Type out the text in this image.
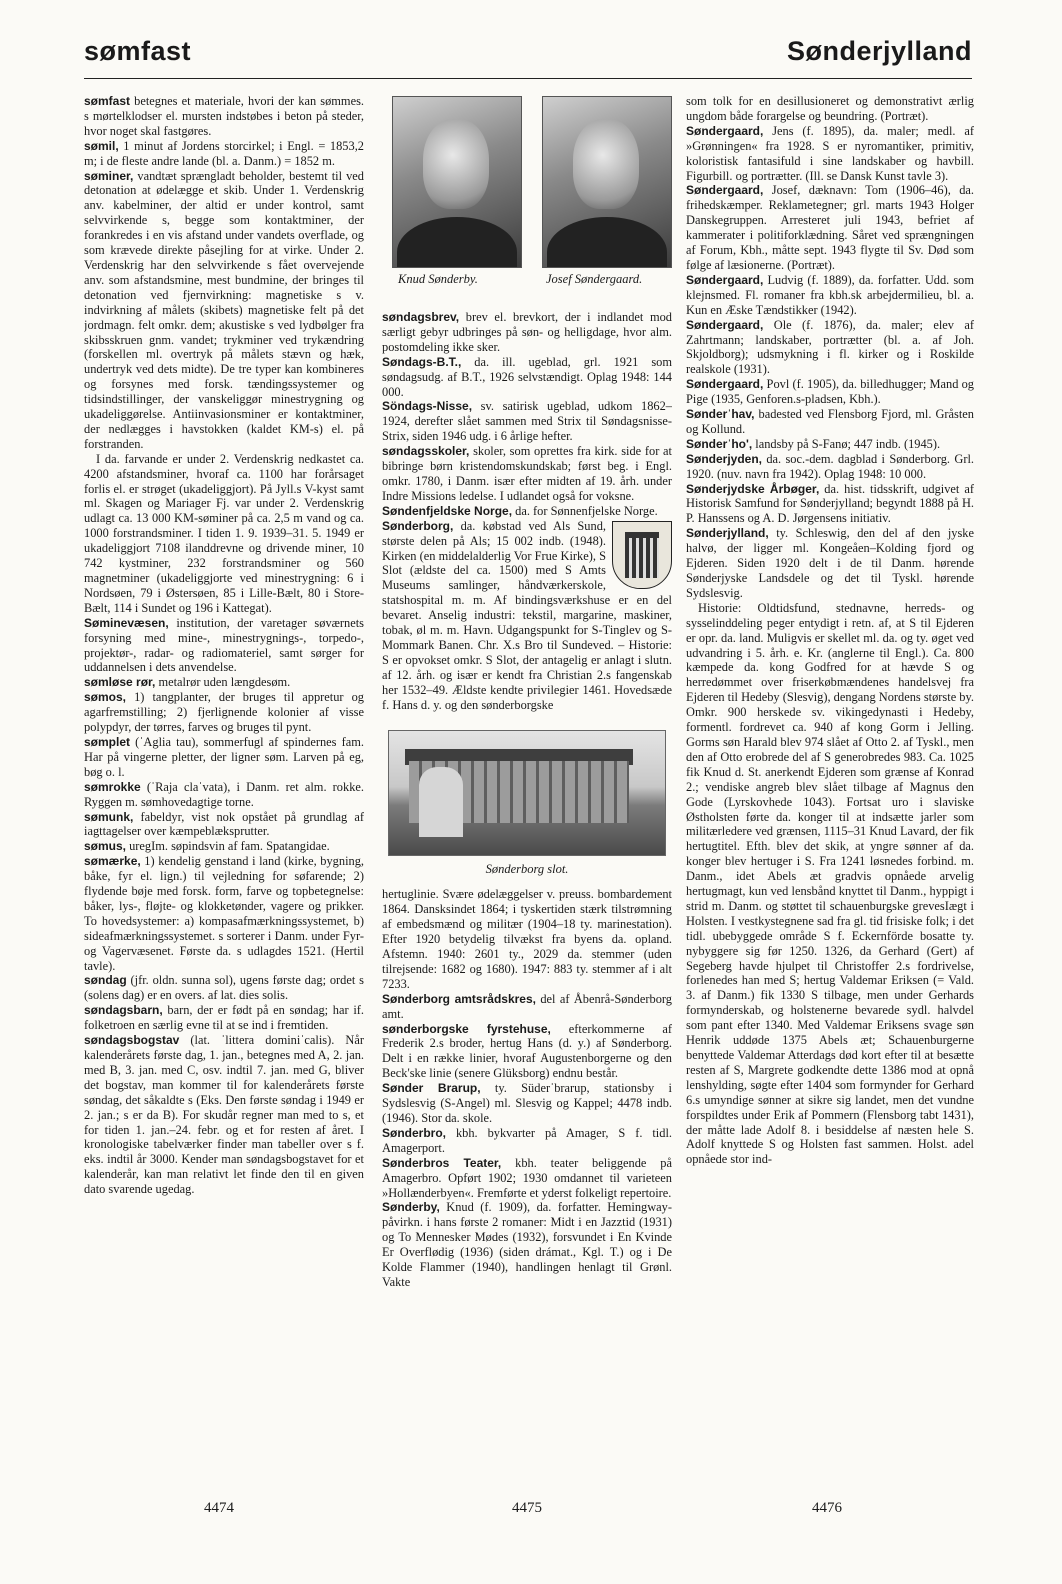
sømfast	Sønderjylland

sømfast betegnes et materiale, hvori der kan sømmes. s mørtelklodser el. mursten indstøbes i beton på steder, hvor noget skal fastgøres.

sømil, 1 minut af Jordens storcirkel; i Engl. = 1853,2 m; i de fleste andre lande (bl. a. Danm.) = 1852 m.

søminer, vandtæt sprængladt beholder, bestemt til ved detonation at ødelægge et skib. Under 1. Verdenskrig anv. kabelminer, der altid er under kontrol, samt selvvirkende s, begge som kontaktminer, der forankredes i en vis afstand under vandets overflade, og som krævede direkte påsejling for at virke. Under 2. Verdenskrig har den selvvirkende s fået overvejende anv. som afstandsmine, mest bundmine, der bringes til detonation ved fjernvirkning: magnetiske s v. indvirkning af målets (skibets) magnetiske felt på det jordmagn. felt omkr. dem; akustiske s ved lydbølger fra skibsskruen gnm. vandet; trykminer ved trykændring (forskellen ml. overtryk på målets stævn og hæk, undertryk ved dets midte). De tre typer kan kombineres og forsynes med forsk. tændingssystemer og tidsindstillinger, der vanskeliggør minestrygning og ukadeliggørelse. Antiinvasionsminer er kontaktminer, der nedlægges i havstokken (kaldet KM-s) el. på forstranden.

I da. farvande er under 2. Verdenskrig nedkastet ca. 4200 afstandsminer, hvoraf ca. 1100 har forårsaget forlis el. er strøget (ukadeliggjort). På Jyll.s V-kyst samt ml. Skagen og Mariager Fj. var under 2. Verdenskrig udlagt ca. 13 000 KM-søminer på ca. 2,5 m vand og ca. 1000 forstrandsminer. I tiden 1. 9. 1939–31. 5. 1949 er ukadeliggjort 7108 ilanddrevne og drivende miner, 10 742 kystminer, 232 forstrandsminer og 560 magnetminer (ukadeliggjorte ved minestrygning: 6 i Nordsøen, 79 i Østersøen, 85 i Lille-Bælt, 80 i Store-Bælt, 114 i Sundet og 196 i Kattegat).

Søminevæsen, institution, der varetager søværnets forsyning med mine-, minestrygnings-, torpedo-, projektør-, radar- og radiomateriel, samt sørger for uddannelsen i dets anvendelse.

sømløse rør, metalrør uden længdesøm.

sømos, 1) tangplanter, der bruges til appretur og agarfremstilling; 2) fjerlignende kolonier af visse polypdyr, der tørres, farves og bruges til pynt.

sømplet (ˈAglia tau), sommerfugl af spindernes fam. Har på vingerne pletter, der ligner søm. Larven på eg, bøg o. l.

sømrokke (ˈRaja claˈvata), i Danm. ret alm. rokke. Ryggen m. sømhovedagtige torne.

sømunk, fabeldyr, vist nok opstået på grundlag af iagttagelser over kæmpeblæksprutter.

sømus, uregIm. søpindsvin af fam. Spatangidae.

sømærke, 1) kendelig genstand i land (kirke, bygning, båke, fyr el. lign.) til vejledning for søfarende; 2) flydende bøje med forsk. form, farve og topbetegnelse: båker, lys-, fløjte- og klokketønder, vagere og prikker. To hovedsystemer: a) kompasafmærkningssystemet, b) sideafmærkningssystemet. s sorterer i Danm. under Fyr- og Vagervæsenet. Første da. s udlagdes 1521. (Hertil tavle).

søndag (jfr. oldn. sunna sol), ugens første dag; ordet s (solens dag) er en overs. af lat. dies solis.

søndagsbarn, barn, der er født på en søndag; har if. folketroen en særlig evne til at se ind i fremtiden.

søndagsbogstav (lat. ˈlittera dominiˈcalis). Når kalenderårets første dag, 1. jan., betegnes med A, 2. jan. med B, 3. jan. med C, osv. indtil 7. jan. med G, bliver det bogstav, man kommer til for kalenderårets første søndag, det såkaldte s (Eks. Den første søndag i 1949 er 2. jan.; s er da B). For skudår regner man med to s, et for tiden 1. jan.–24. febr. og et for resten af året. I kronologiske tabelværker finder man tabeller over s f. eks. indtil år 3000. Kender man søndagsbogstavet for et kalenderår, kan man relativt let finde den til en given dato svarende ugedag.

Knud Sønderby.	Josef Søndergaard.

søndagsbrev, brev el. brevkort, der i indlandet mod særligt gebyr udbringes på søn- og helligdage, hvor alm. postomdeling ikke sker.

Søndags-B.T., da. ill. ugeblad, grl. 1921 som søndagsudg. af B.T., 1926 selvstændigt. Oplag 1948: 144 000.

Söndags-Nisse, sv. satirisk ugeblad, udkom 1862–1924, derefter slået sammen med Strix til Søndagsnisse-Strix, siden 1946 udg. i 6 årlige hefter.

søndagsskoler, skoler, som oprettes fra kirk. side for at bibringe børn kristendomskundskab; først beg. i Engl. omkr. 1780, i Danm. især efter midten af 19. årh. under Indre Missions ledelse. I udlandet også for voksne.

Søndenfjeldske Norge, da. for Sønnenfjelske Norge.

Sønderborg, da. købstad ved Als Sund, største delen på Als; 15 002 indb. (1948). Kirken (en middelalderlig Vor Frue Kirke), S Slot (ældste del ca. 1500) med S Amts Museums samlinger, håndværkerskole, statshospital m. m. Af bindingsværkshuse er en del bevaret. Anselig industri: tekstil, margarine, maskiner, tobak, øl m. m. Havn. Udgangspunkt for S-Tinglev og S-Mommark Banen. Chr. X.s Bro til Sundeved. – Historie: S er opvokset omkr. S Slot, der antagelig er anlagt i slutn. af 12. årh. og især er kendt fra Christian 2.s fangenskab her 1532–49. Ældste kendte privilegier 1461. Hovedsæde f. Hans d. y. og den sønderborgske

Sønderborg slot.

hertuglinie. Svære ødelæggelser v. preuss. bombardement 1864. Dansksindet 1864; i tyskertiden stærk tilstrømning af embedsmænd og militær (1904–18 ty. marinestation). Efter 1920 betydelig tilvækst fra byens da. opland. Afstemn. 1940: 2601 ty., 2029 da. stemmer (uden tilrejsende: 1682 og 1680). 1947: 883 ty. stemmer af i alt 7233.

Sønderborg amtsrådskres, del af Åbenrå-Sønderborg amt.

sønderborgske fyrstehuse, efterkommerne af Frederik 2.s broder, hertug Hans (d. y.) af Sønderborg. Delt i en række linier, hvoraf Augustenborgerne og den Beck'ske linie (senere Glüksborg) endnu består.

Sønder Brarup, ty. Süderˈbrarup, stationsby i Sydslesvig (S-Angel) ml. Slesvig og Kappel; 4478 indb. (1946). Stor da. skole.

Sønderbro, kbh. bykvarter på Amager, S f. tidl. Amagerport.

Sønderbros Teater, kbh. teater beliggende på Amagerbro. Opført 1902; 1930 omdannet til varieteen »Hollænderbyen«. Fremførte et yderst folkeligt repertoire.

Sønderby, Knud (f. 1909), da. forfatter. Hemingway-påvirkn. i hans første 2 romaner: Midt i en Jazztid (1931) og To Mennesker Mødes (1932), forsvundet i En Kvinde Er Overflødig (1936) (siden drámat., Kgl. T.) og i De Kolde Flammer (1940), handlingen henlagt til Grønl. Vakte

som tolk for en desillusioneret og demonstrativt ærlig ungdom både forargelse og beundring. (Portræt).

Søndergaard, Jens (f. 1895), da. maler; medl. af »Grønningen« fra 1928. S er nyromantiker, primitiv, koloristisk fantasifuld i sine landskaber og havbill. Figurbill. og portrætter. (Ill. se Dansk Kunst tavle 3).

Søndergaard, Josef, dæknavn: Tom (1906–46), da. frihedskæmper. Reklametegner; grl. marts 1943 Holger Danskegruppen. Arresteret juli 1943, befriet af kammerater i politiforklædning. Såret ved sprængningen af Forum, Kbh., måtte sept. 1943 flygte til Sv. Død som følge af læsionerne. (Portræt).

Søndergaard, Ludvig (f. 1889), da. forfatter. Udd. som klejnsmed. Fl. romaner fra kbh.sk arbejdermilieu, bl. a. Kun en Æske Tændstikker (1942).

Søndergaard, Ole (f. 1876), da. maler; elev af Zahrtmann; landskaber, portrætter (bl. a. af Joh. Skjoldborg); udsmykning i fl. kirker og i Roskilde realskole (1931).

Søndergaard, Povl (f. 1905), da. billedhugger; Mand og Pige (1935, Genforen.s-pladsen, Kbh.).

Sønderˈhav, badested ved Flensborg Fjord, ml. Gråsten og Kollund.

Sønderˈho', landsby på S-Fanø; 447 indb. (1945).

Sønderjyden, da. soc.-dem. dagblad i Sønderborg. Grl. 1920. (nuv. navn fra 1942). Oplag 1948: 10 000.

Sønderjydske Årbøger, da. hist. tidsskrift, udgivet af Historisk Samfund for Sønderjylland; begyndt 1888 på H. P. Hanssens og A. D. Jørgensens initiativ.

Sønderjylland, ty. Schleswig, den del af den jyske halvø, der ligger ml. Kongeåen–Kolding fjord og Ejderen. Siden 1920 delt i de til Danm. hørende Sønderjyske Landsdele og det til Tyskl. hørende Sydslesvig.

Historie: Oldtidsfund, stednavne, herreds- og sysselinddeling peger entydigt i retn. af, at S til Ejderen er opr. da. land. Muligvis er skellet ml. da. og ty. øget ved udvandring i 5. årh. e. Kr. (anglerne til Engl.). Ca. 800 kæmpede da. kong Godfred for at hævde S og herredømmet over friserkøbmændenes handelsvej fra Ejderen til Hedeby (Slesvig), dengang Nordens største by. Omkr. 900 herskede sv. vikingedynasti i Hedeby, formentl. fordrevet ca. 940 af kong Gorm i Jelling. Gorms søn Harald blev 974 slået af Otto 2. af Tyskl., men den af Otto erobrede del af S generobredes 983. Ca. 1025 fik Knud d. St. anerkendt Ejderen som grænse af Konrad 2.; vendiske angreb blev slået tilbage af Magnus den Gode (Lyrskovhede 1043). Fortsat uro i slaviske Østholsten førte da. konger til at indsætte jarler som militærledere ved grænsen, 1115–31 Knud Lavard, der fik hertugtitel. Efth. blev det skik, at yngre sønner af da. konger blev hertuger i S. Fra 1241 løsnedes forbind. m. Danm., idet Abels æt gradvis opnåede arvelig hertugmagt, kun ved lensbånd knyttet til Danm., hyppigt i strid m. Danm. og støttet til schauenburgske grevesIægt i Holsten. I vestkystegnene sad fra gl. tid frisiske folk; i det tidl. ubebyggede område S f. Eckernförde bosatte ty. nybyggere sig før 1250. 1326, da Gerhard (Gert) af Segeberg havde hjulpet til Christoffer 2.s fordrivelse, forlenedes han med S; hertug Valdemar Eriksen (= Vald. 3. af Danm.) fik 1330 S tilbage, men under Gerhards formynderskab, og holstenerne bevarede sydl. halvdel som pant efter 1340. Med Valdemar Eriksens svage søn Henrik uddøde 1375 Abels æt; Schauenburgerne benyttede Valdemar Atterdags død kort efter til at besætte resten af S, Margrete godkendte dette 1386 mod at opnå lenshylding, søgte efter 1404 som formynder for Gerhard 6.s umyndige sønner at sikre sig landet, men det vundne forspildtes under Erik af Pommern (Flensborg tabt 1431), der måtte lade Adolf 8. i besiddelse af næsten hele S. Adolf knyttede S og Holsten fast sammen. Holst. adel opnåede stor ind-

4474	4475	4476
